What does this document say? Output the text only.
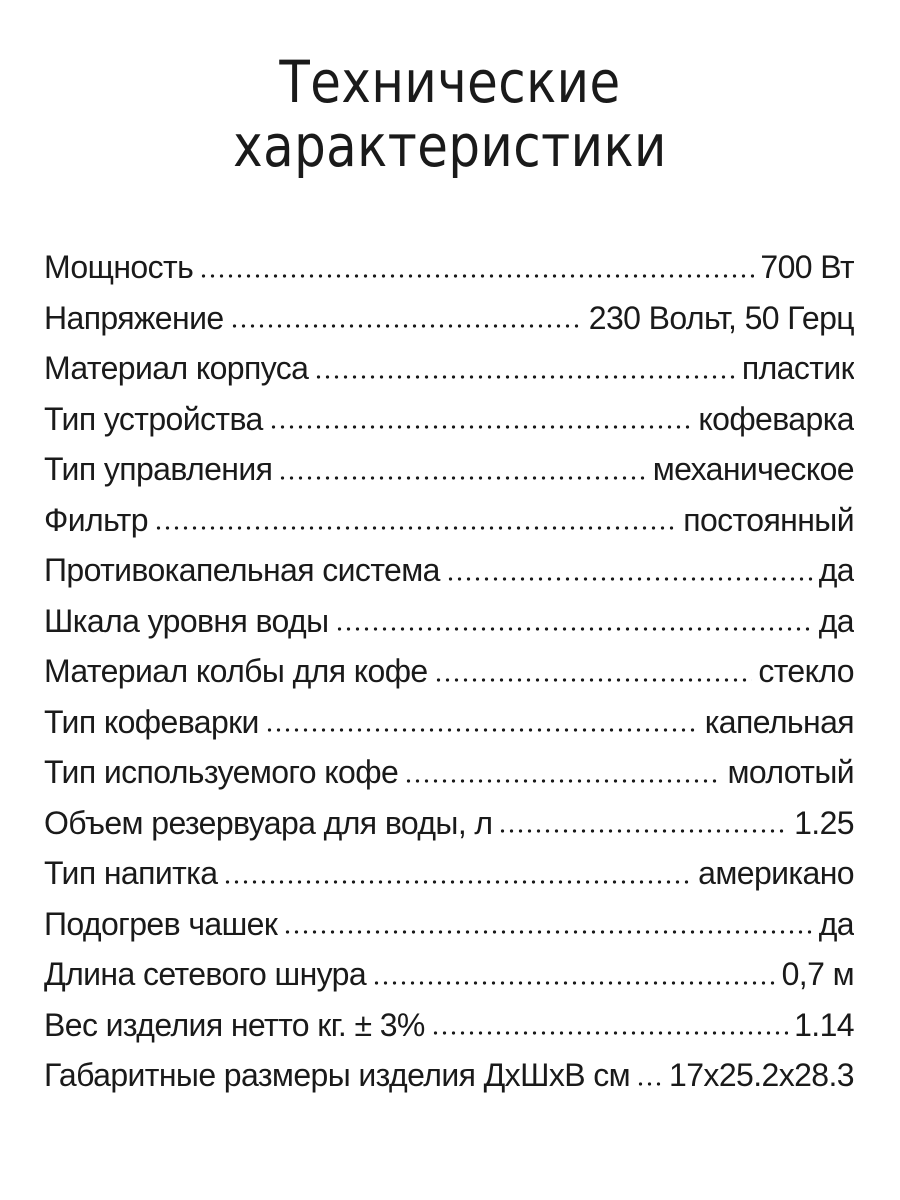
Технические
характеристики
Мощность	700 Вт
Напряжение	230 Вольт, 50 Герц
Материал корпуса	пластик
Тип устройства	кофеварка
Тип управления	механическое
Фильтр	постоянный
Противокапельная система	да
Шкала уровня воды	да
Материал колбы для кофе	стекло
Тип кофеварки	капельная
Тип используемого кофе	молотый
Объем резервуара для воды, л	1.25
Тип напитка	американо
Подогрев чашек	да
Длина сетевого шнура	0,7 м
Вес изделия нетто кг. ± 3%	1.14
Габаритные размеры изделия ДхШхВ см 17х25.2х28.3
